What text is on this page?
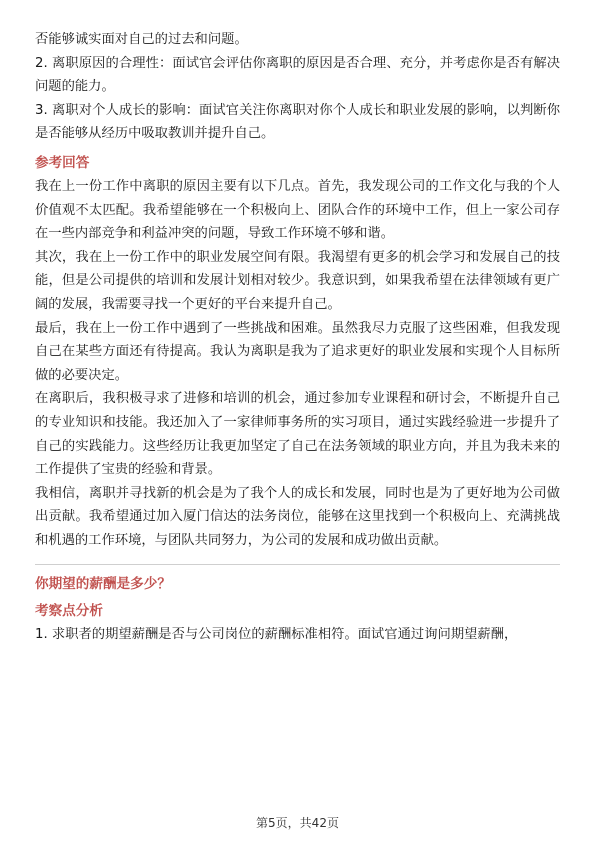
否能够诚实面对自己的过去和问题。

2. 离职原因的合理性：面试官会评估你离职的原因是否合理、充分，并考虑你是否有解决问题的能力。

3. 离职对个人成长的影响：面试官关注你离职对你个人成长和职业发展的影响，以判断你是否能够从经历中吸取教训并提升自己。

参考回答

我在上一份工作中离职的原因主要有以下几点。首先，我发现公司的工作文化与我的个人价值观不太匹配。我希望能够在一个积极向上、团队合作的环境中工作，但上一家公司存在一些内部竞争和利益冲突的问题，导致工作环境不够和谐。

其次，我在上一份工作中的职业发展空间有限。我渴望有更多的机会学习和发展自己的技能，但是公司提供的培训和发展计划相对较少。我意识到，如果我希望在法律领域有更广阔的发展，我需要寻找一个更好的平台来提升自己。

最后，我在上一份工作中遇到了一些挑战和困难。虽然我尽力克服了这些困难，但我发现自己在某些方面还有待提高。我认为离职是我为了追求更好的职业发展和实现个人目标所做的必要决定。

在离职后，我积极寻求了进修和培训的机会，通过参加专业课程和研讨会，不断提升自己的专业知识和技能。我还加入了一家律师事务所的实习项目，通过实践经验进一步提升了自己的实践能力。这些经历让我更加坚定了自己在法务领域的职业方向，并且为我未来的工作提供了宝贵的经验和背景。

我相信，离职并寻找新的机会是为了我个人的成长和发展，同时也是为了更好地为公司做出贡献。我希望通过加入厦门信达的法务岗位，能够在这里找到一个积极向上、充满挑战和机遇的工作环境，与团队共同努力，为公司的发展和成功做出贡献。

你期望的薪酬是多少？

考察点分析

1. 求职者的期望薪酬是否与公司岗位的薪酬标准相符。面试官通过询问期望薪酬，

第5页，共42页
